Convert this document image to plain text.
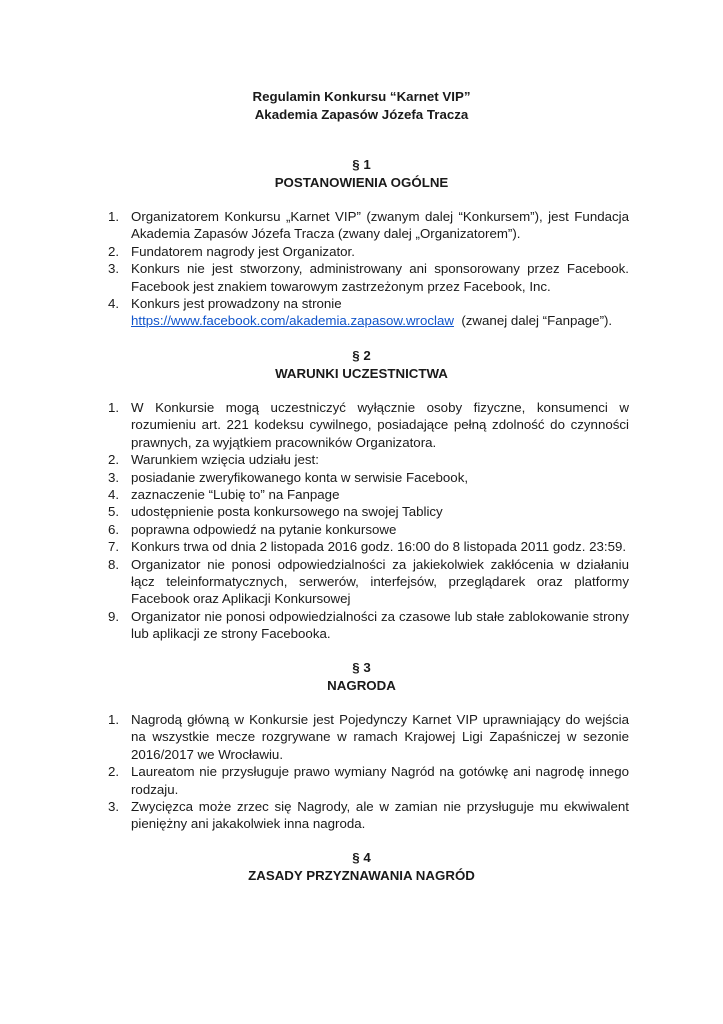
Regulamin Konkursu “Karnet VIP”
Akademia Zapasów Józefa Tracza
§ 1
POSTANOWIENIA OGÓLNE
1. Organizatorem Konkursu „Karnet VIP” (zwanym dalej “Konkursem”), jest Fundacja Akademia Zapasów Józefa Tracza (zwany dalej „Organizatorem”).
2. Fundatorem nagrody jest Organizator.
3. Konkurs nie jest stworzony, administrowany ani sponsorowany przez Facebook. Facebook jest znakiem towarowym zastrzeżonym przez Facebook, Inc.
4. Konkurs jest prowadzony na stronie
https://www.facebook.com/akademia.zapasow.wroclaw (zwanej dalej “Fanpage”).
§ 2
WARUNKI UCZESTNICTWA
1. W Konkursie mogą uczestniczyć wyłącznie osoby fizyczne, konsumenci w rozumieniu art. 221 kodeksu cywilnego, posiadające pełną zdolność do czynności prawnych, za wyjątkiem pracowników Organizatora.
2. Warunkiem wzięcia udziału jest:
3. posiadanie zweryfikowanego konta w serwisie Facebook,
4. zaznaczenie “Lubię to” na Fanpage
5. udostępnienie posta konkursowego na swojej Tablicy
6. poprawna odpowiedź na pytanie konkursowe
7. Konkurs trwa od dnia 2 listopada 2016 godz. 16:00 do 8 listopada 2011 godz. 23:59.
8. Organizator nie ponosi odpowiedzialności za jakiekolwiek zakłócenia w działaniu łącz teleinformatycznych, serwerów, interfejsów, przeglądarek oraz platformy Facebook oraz Aplikacji Konkursowej
9. Organizator nie ponosi odpowiedzialności za czasowe lub stałe zablokowanie strony lub aplikacji ze strony Facebooka.
§ 3
NAGRODA
1. Nagrodą główną w Konkursie jest Pojedynczy Karnet VIP uprawniający do wejścia na wszystkie mecze rozgrywane w ramach Krajowej Ligi Zapaśniczej w sezonie 2016/2017 we Wrocławiu.
2. Laureatom nie przysługuje prawo wymiany Nagród na gotówkę ani nagrodę innego rodzaju.
3. Zwycięzca może zrzec się Nagrody, ale w zamian nie przysługuje mu ekwiwalent pieniężny ani jakakolwiek inna nagroda.
§ 4
ZASADY PRZYZNAWANIA NAGRÓD
